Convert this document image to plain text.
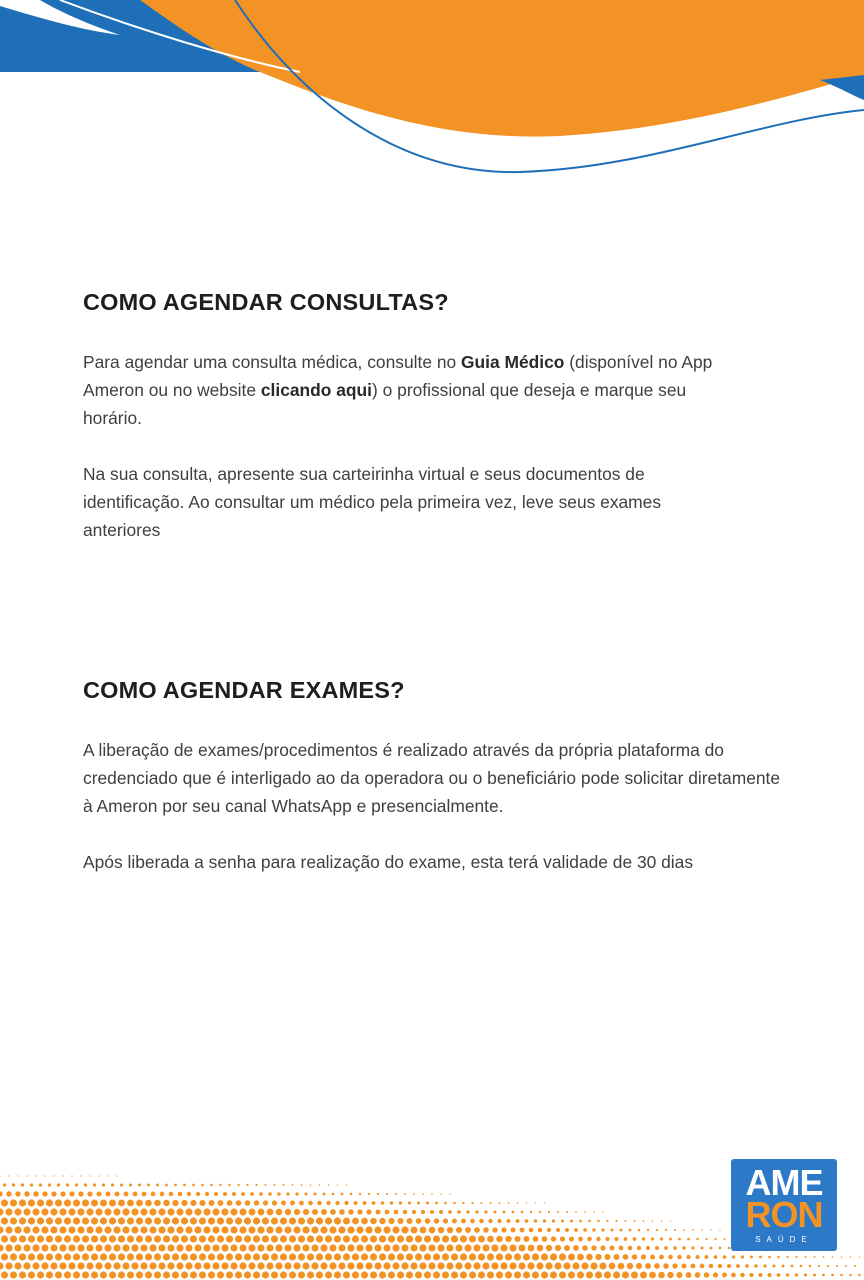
COMO AGENDAR CONSULTAS?

Para agendar uma consulta médica, consulte no Guia Médico (disponível no App Ameron ou no website clicando aqui) o profissional que deseja e marque seu horário.

Na sua consulta, apresente sua carteirinha virtual e seus documentos de identificação. Ao consultar um médico pela primeira vez, leve seus exames anteriores

COMO AGENDAR EXAMES?

A liberação de exames/procedimentos é realizado através da própria plataforma do credenciado que é interligado ao da operadora ou o beneficiário pode solicitar diretamente à Ameron por seu canal WhatsApp e presencialmente.

Após liberada a senha para realização do exame, esta terá validade de 30 dias

AME
RON
SAÚDE
